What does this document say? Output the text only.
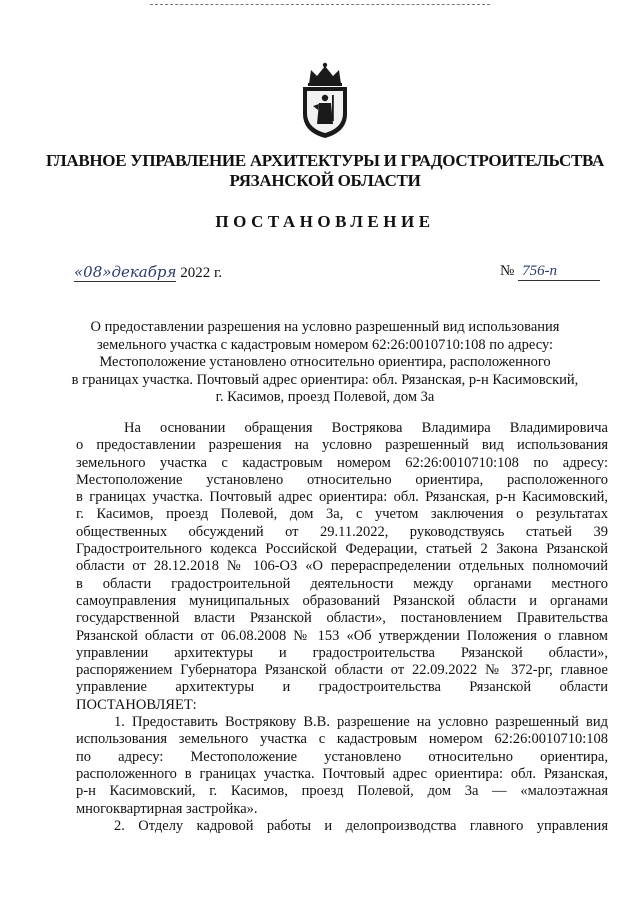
ГЛАВНОЕ УПРАВЛЕНИЕ АРХИТЕКТУРЫ И ГРАДОСТРОИТЕЛЬСТВА
РЯЗАНСКОЙ ОБЛАСТИ
ПОСТАНОВЛЕНИЕ
«08»декабря 2022 г.	№ 756-п
О предоставлении разрешения на условно разрешенный вид использования
земельного участка с кадастровым номером 62:26:0010710:108 по адресу:
Местоположение установлено относительно ориентира, расположенного
в границах участка. Почтовый адрес ориентира: обл. Рязанская, р-н Касимовский,
г. Касимов, проезд Полевой, дом 3а
На основании обращения Вострякова Владимира Владимировича
о предоставлении разрешения на условно разрешенный вид использования
земельного участка с кадастровым номером 62:26:0010710:108 по адресу:
Местоположение установлено относительно ориентира, расположенного
в границах участка. Почтовый адрес ориентира: обл. Рязанская, р-н Касимовский,
г. Касимов, проезд Полевой, дом 3а, с учетом заключения о результатах
общественных обсуждений от 29.11.2022, руководствуясь статьей 39
Градостроительного кодекса Российской Федерации, статьей 2 Закона Рязанской
области от 28.12.2018 № 106-ОЗ «О перераспределении отдельных полномочий
в области градостроительной деятельности между органами местного
самоуправления муниципальных образований Рязанской области и органами
государственной власти Рязанской области», постановлением Правительства
Рязанской области от 06.08.2008 № 153 «Об утверждении Положения о главном
управлении архитектуры и градостроительства Рязанской области»,
распоряжением Губернатора Рязанской области от 22.09.2022 № 372-рг, главное
управление архитектуры и градостроительства Рязанской области
ПОСТАНОВЛЯЕТ:
1. Предоставить Вострякову В.В. разрешение на условно разрешенный вид
использования земельного участка с кадастровым номером 62:26:0010710:108
по адресу: Местоположение установлено относительно ориентира,
расположенного в границах участка. Почтовый адрес ориентира: обл. Рязанская,
р-н Касимовский, г. Касимов, проезд Полевой, дом 3а — «малоэтажная
многоквартирная застройка».
2. Отделу кадровой работы и делопроизводства главного управления
